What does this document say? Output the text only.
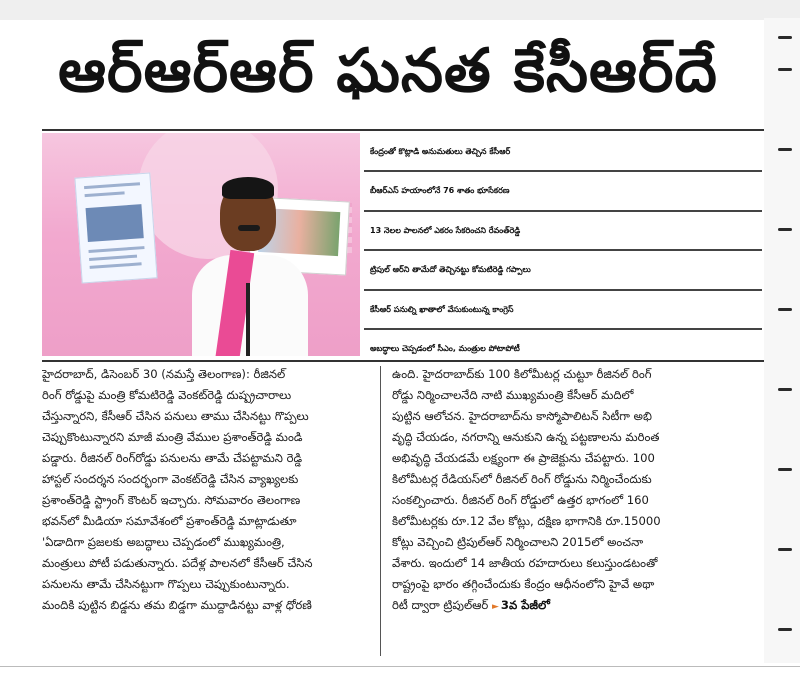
ఆర్‌ఆర్‌ఆర్ ఘనత కేసీఆర్‌దే

కేంద్రంతో కొట్లాడి అనుమతులు తెచ్చిన కేసీఆర్

బీఆర్‌ఎస్ హయాంలోనే 76 శాతం భూసేకరణ

13 నెలల పాలనలో ఎకరం సేకరించని రేవంత్‌రెడ్డి

ట్రిపుల్ ఆర్‌ని తామేదో తెచ్చినట్టు కోమటిరెడ్డి గప్పాలు

కేసీఆర్ పనుల్ని ఖాతాలో వేసుకుంటున్న కాంగ్రెస్

అబద్ధాలు చెప్పడంలో సీఎం, మంత్రుల పోటాపోటీ

హైదరాబాద్, డిసెంబర్ 30 (నమస్తే తెలంగాణ): రీజినల్

రింగ్ రోడ్డుపై మంత్రి కోమటిరెడ్డి వెంకట్‌రెడ్డి దుష్ప్రచారాలు

చేస్తున్నారని, కేసీఆర్ చేసిన పనులు తాము చేసినట్టు గొప్పలు

చెప్పుకొంటున్నారని మాజీ మంత్రి వేముల ప్రశాంత్‌రెడ్డి మండి

పడ్డారు. రీజినల్ రింగ్‌రోడ్డు పనులను తామే చేపట్టామని రెడ్డి

హాస్టల్ సందర్శన సందర్భంగా వెంకట్‌రెడ్డి చేసిన వ్యాఖ్యలకు

ప్రశాంత్‌రెడ్డి స్ట్రాంగ్ కౌంటర్ ఇచ్చారు. సోమవారం తెలంగాణ

భవన్‌లో మీడియా సమావేశంలో ప్రశాంత్‌రెడ్డి మాట్లాడుతూ

'ఏడాదిగా ప్రజలకు అబద్ధాలు చెప్పడంలో ముఖ్యమంత్రి,

మంత్రులు పోటీ పడుతున్నారు. పదేళ్ల పాలనలో కేసీఆర్ చేసిన

పనులను తామే చేసినట్టుగా గొప్పలు చెప్పుకుంటున్నారు.

మందికి పుట్టిన బిడ్డను తమ బిడ్డగా ముద్దాడినట్టు వాళ్ల ధోరణి

ఉంది. హైదరాబాద్‌కు 100 కిలోమీటర్ల చుట్టూ రీజినల్ రింగ్

రోడ్డు నిర్మించాలనేది నాటి ముఖ్యమంత్రి కేసీఆర్ మదిలో

పుట్టిన ఆలోచన. హైదరాబాద్‌ను కాస్మోపాలిటన్ సిటీగా అభి

వృద్ధి చేయడం, నగరాన్ని ఆనుకుని ఉన్న పట్టణాలను మరింత

అభివృద్ధి చేయడమే లక్ష్యంగా ఈ ప్రాజెక్టును చేపట్టారు. 100

కిలోమీటర్ల రేడియస్‌లో రీజినల్ రింగ్ రోడ్డును నిర్మించేందుకు

సంకల్పించారు. రీజినల్ రింగ్ రోడ్డులో ఉత్తర భాగంలో 160

కిలోమీటర్లకు రూ.12 వేల కోట్లు, దక్షిణ భాగానికి రూ.15000

కోట్లు వెచ్చించి ట్రిపుల్‌ఆర్ నిర్మించాలని 2015లో అంచనా

వేశారు. ఇందులో 14 జాతీయ రహదారులు కలుస్తుండటంతో

రాష్ట్రంపై భారం తగ్గించేందుకు కేంద్రం ఆధీనంలోని హైవే అథా

రిటీ ద్వారా ట్రిపుల్‌ఆర్ ► 3వ పేజీలో
